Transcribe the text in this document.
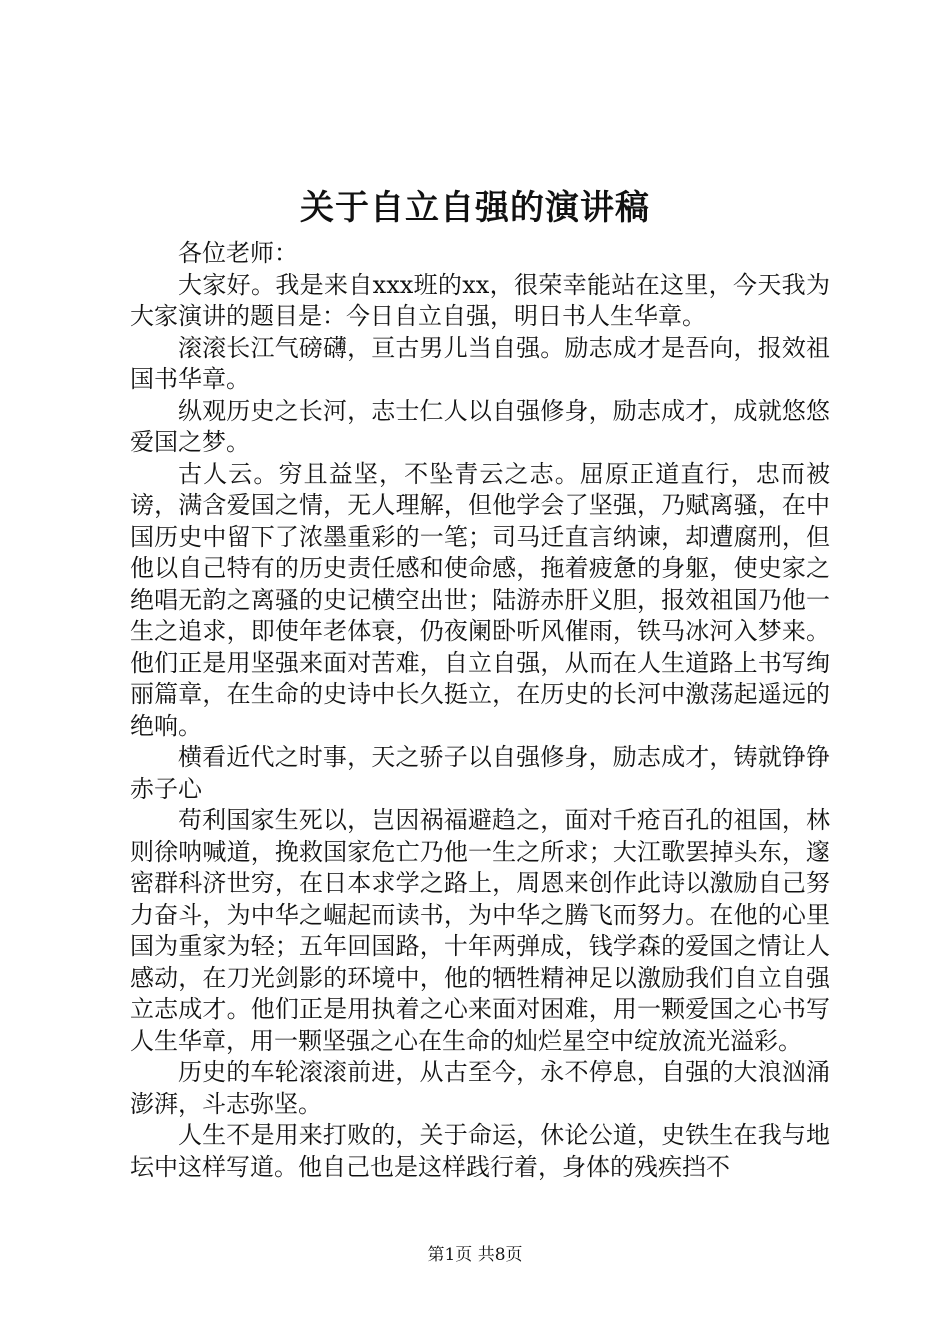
关于自立自强的演讲稿

各位老师：

大家好。我是来自xxx班的xx，很荣幸能站在这里，今天我为大家演讲的题目是：今日自立自强，明日书人生华章。

滚滚长江气磅礴，亘古男儿当自强。励志成才是吾向，报效祖国书华章。

纵观历史之长河，志士仁人以自强修身，励志成才，成就悠悠爱国之梦。

古人云。穷且益坚，不坠青云之志。屈原正道直行，忠而被谤，满含爱国之情，无人理解，但他学会了坚强，乃赋离骚，在中国历史中留下了浓墨重彩的一笔；司马迁直言纳谏，却遭腐刑，但他以自己特有的历史责任感和使命感，拖着疲惫的身躯，使史家之绝唱无韵之离骚的史记横空出世；陆游赤肝义胆，报效祖国乃他一生之追求，即使年老体衰，仍夜阑卧听风催雨，铁马冰河入梦来。他们正是用坚强来面对苦难，自立自强，从而在人生道路上书写绚丽篇章，在生命的史诗中长久挺立，在历史的长河中激荡起遥远的绝响。

横看近代之时事，天之骄子以自强修身，励志成才，铸就铮铮赤子心

苟利国家生死以，岂因祸福避趋之，面对千疮百孔的祖国，林则徐呐喊道，挽救国家危亡乃他一生之所求；大江歌罢掉头东，邃密群科济世穷，在日本求学之路上，周恩来创作此诗以激励自己努力奋斗，为中华之崛起而读书，为中华之腾飞而努力。在他的心里国为重家为轻；五年回国路，十年两弹成，钱学森的爱国之情让人感动，在刀光剑影的环境中，他的牺牲精神足以激励我们自立自强立志成才。他们正是用执着之心来面对困难，用一颗爱国之心书写人生华章，用一颗坚强之心在生命的灿烂星空中绽放流光溢彩。

历史的车轮滚滚前进，从古至今，永不停息，自强的大浪汹涌澎湃，斗志弥坚。

人生不是用来打败的，关于命运，休论公道，史铁生在我与地坛中这样写道。他自己也是这样践行着，身体的残疾挡不

第1页 共8页
